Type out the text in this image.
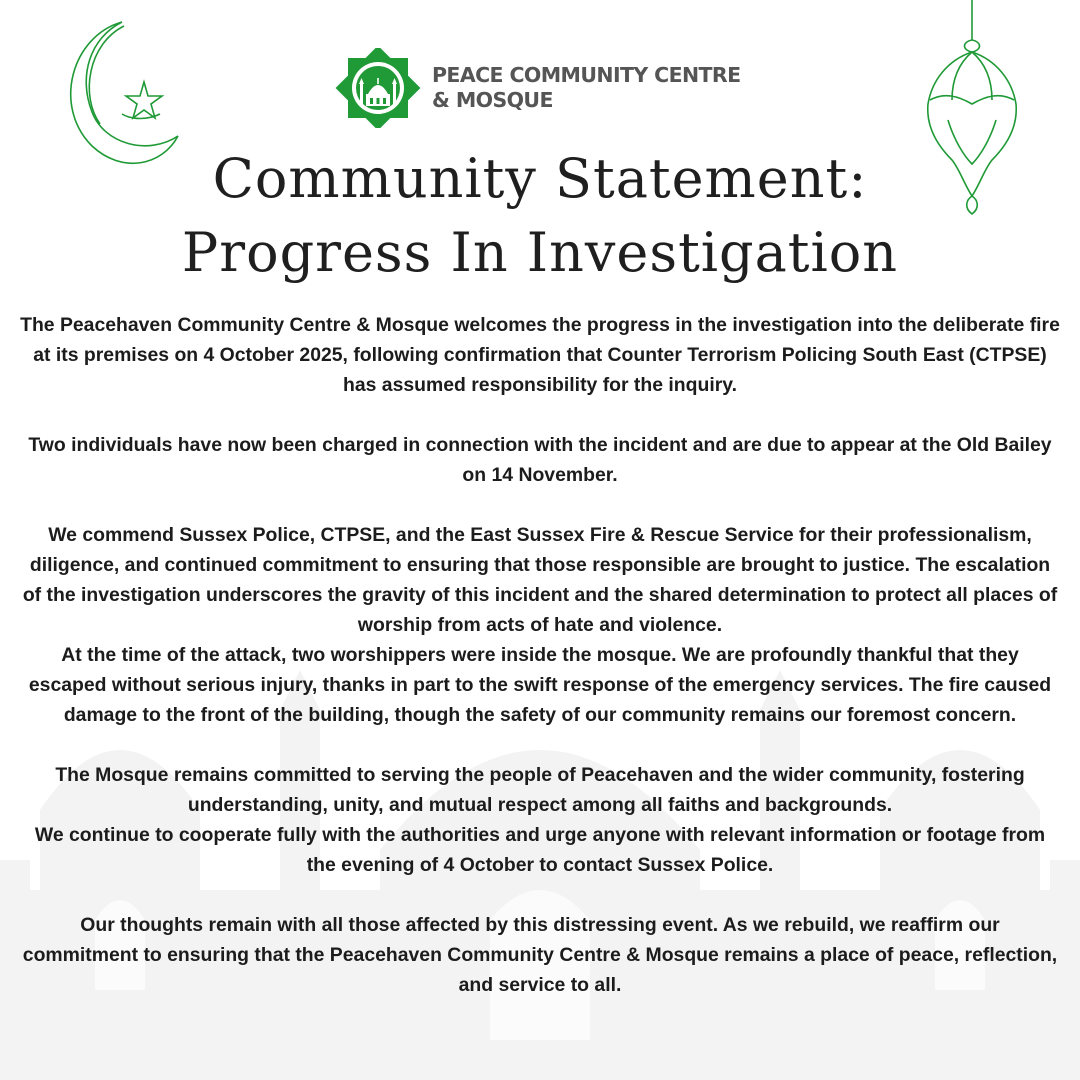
PEACE COMMUNITY CENTRE
& MOSQUE
Community Statement:
Progress In Investigation

The Peacehaven Community Centre & Mosque welcomes the progress in the investigation into the deliberate fire at its premises on 4 October 2025, following confirmation that Counter Terrorism Policing South East (CTPSE) has assumed responsibility for the inquiry.

Two individuals have now been charged in connection with the incident and are due to appear at the Old Bailey on 14 November.

We commend Sussex Police, CTPSE, and the East Sussex Fire & Rescue Service for their professionalism, diligence, and continued commitment to ensuring that those responsible are brought to justice. The escalation of the investigation underscores the gravity of this incident and the shared determination to protect all places of worship from acts of hate and violence.

At the time of the attack, two worshippers were inside the mosque. We are profoundly thankful that they escaped without serious injury, thanks in part to the swift response of the emergency services. The fire caused damage to the front of the building, though the safety of our community remains our foremost concern.

The Mosque remains committed to serving the people of Peacehaven and the wider community, fostering understanding, unity, and mutual respect among all faiths and backgrounds.

We continue to cooperate fully with the authorities and urge anyone with relevant information or footage from the evening of 4 October to contact Sussex Police.

Our thoughts remain with all those affected by this distressing event. As we rebuild, we reaffirm our commitment to ensuring that the Peacehaven Community Centre & Mosque remains a place of peace, reflection, and service to all.
